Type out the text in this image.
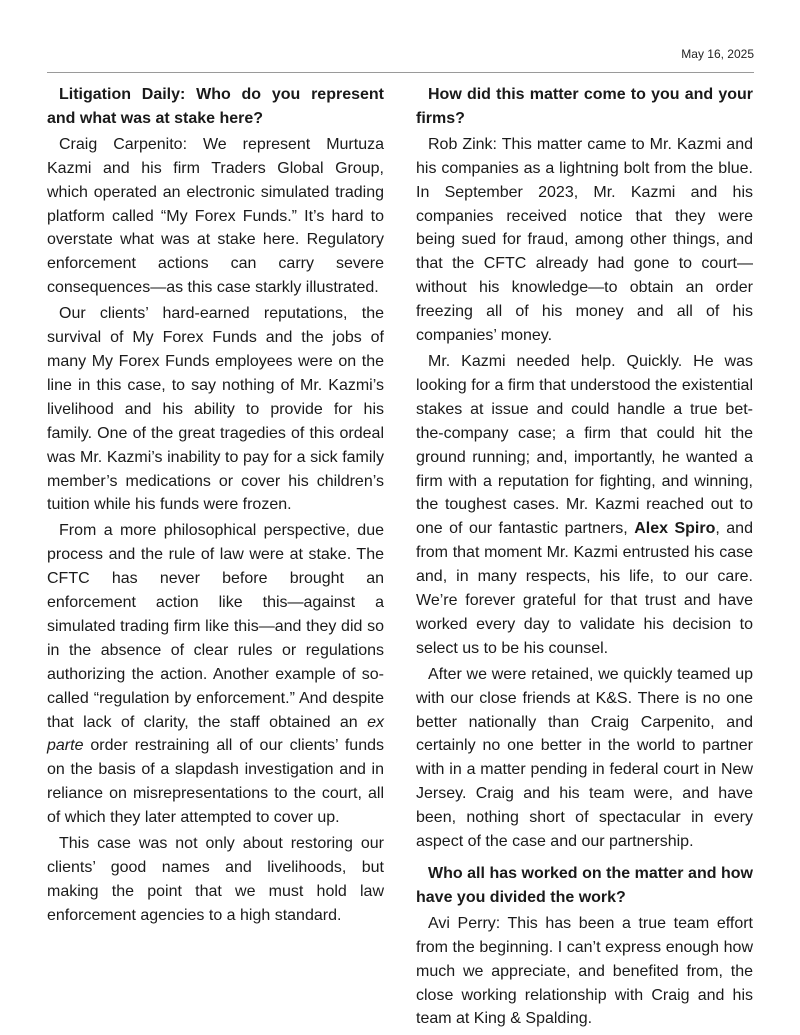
May 16, 2025

Litigation Daily: Who do you represent and what was at stake here?

Craig Carpenito: We represent Murtuza Kazmi and his firm Traders Global Group, which operated an electronic simulated trading platform called “My Forex Funds.” It’s hard to overstate what was at stake here. Regulatory enforcement actions can carry severe consequences—as this case starkly illustrated.

Our clients’ hard-earned reputations, the survival of My Forex Funds and the jobs of many My Forex Funds employees were on the line in this case, to say nothing of Mr. Kazmi’s livelihood and his ability to provide for his family. One of the great tragedies of this ordeal was Mr. Kazmi’s inability to pay for a sick family member’s medications or cover his children’s tuition while his funds were frozen.

From a more philosophical perspective, due process and the rule of law were at stake. The CFTC has never before brought an enforcement action like this—against a simulated trading firm like this—and they did so in the absence of clear rules or regulations authorizing the action. Another example of so-called “regulation by enforcement.” And despite that lack of clarity, the staff obtained an ex parte order restraining all of our clients’ funds on the basis of a slapdash investigation and in reliance on misrepresentations to the court, all of which they later attempted to cover up.

This case was not only about restoring our clients’ good names and livelihoods, but making the point that we must hold law enforcement agencies to a high standard.

How did this matter come to you and your firms?

Rob Zink: This matter came to Mr. Kazmi and his companies as a lightning bolt from the blue. In September 2023, Mr. Kazmi and his companies received notice that they were being sued for fraud, among other things, and that the CFTC already had gone to court—without his knowledge—to obtain an order freezing all of his money and all of his companies’ money.

Mr. Kazmi needed help. Quickly. He was looking for a firm that understood the existential stakes at issue and could handle a true bet-the-company case; a firm that could hit the ground running; and, importantly, he wanted a firm with a reputation for fighting, and winning, the toughest cases. Mr. Kazmi reached out to one of our fantastic partners, Alex Spiro, and from that moment Mr. Kazmi entrusted his case and, in many respects, his life, to our care. We’re forever grateful for that trust and have worked every day to validate his decision to select us to be his counsel.

After we were retained, we quickly teamed up with our close friends at K&S. There is no one better nationally than Craig Carpenito, and certainly no one better in the world to partner with in a matter pending in federal court in New Jersey. Craig and his team were, and have been, nothing short of spectacular in every aspect of the case and our partnership.

Who all has worked on the matter and how have you divided the work?

Avi Perry: This has been a true team effort from the beginning. I can’t express enough how much we appreciate, and benefited from, the close working relationship with Craig and his team at King & Spalding.
